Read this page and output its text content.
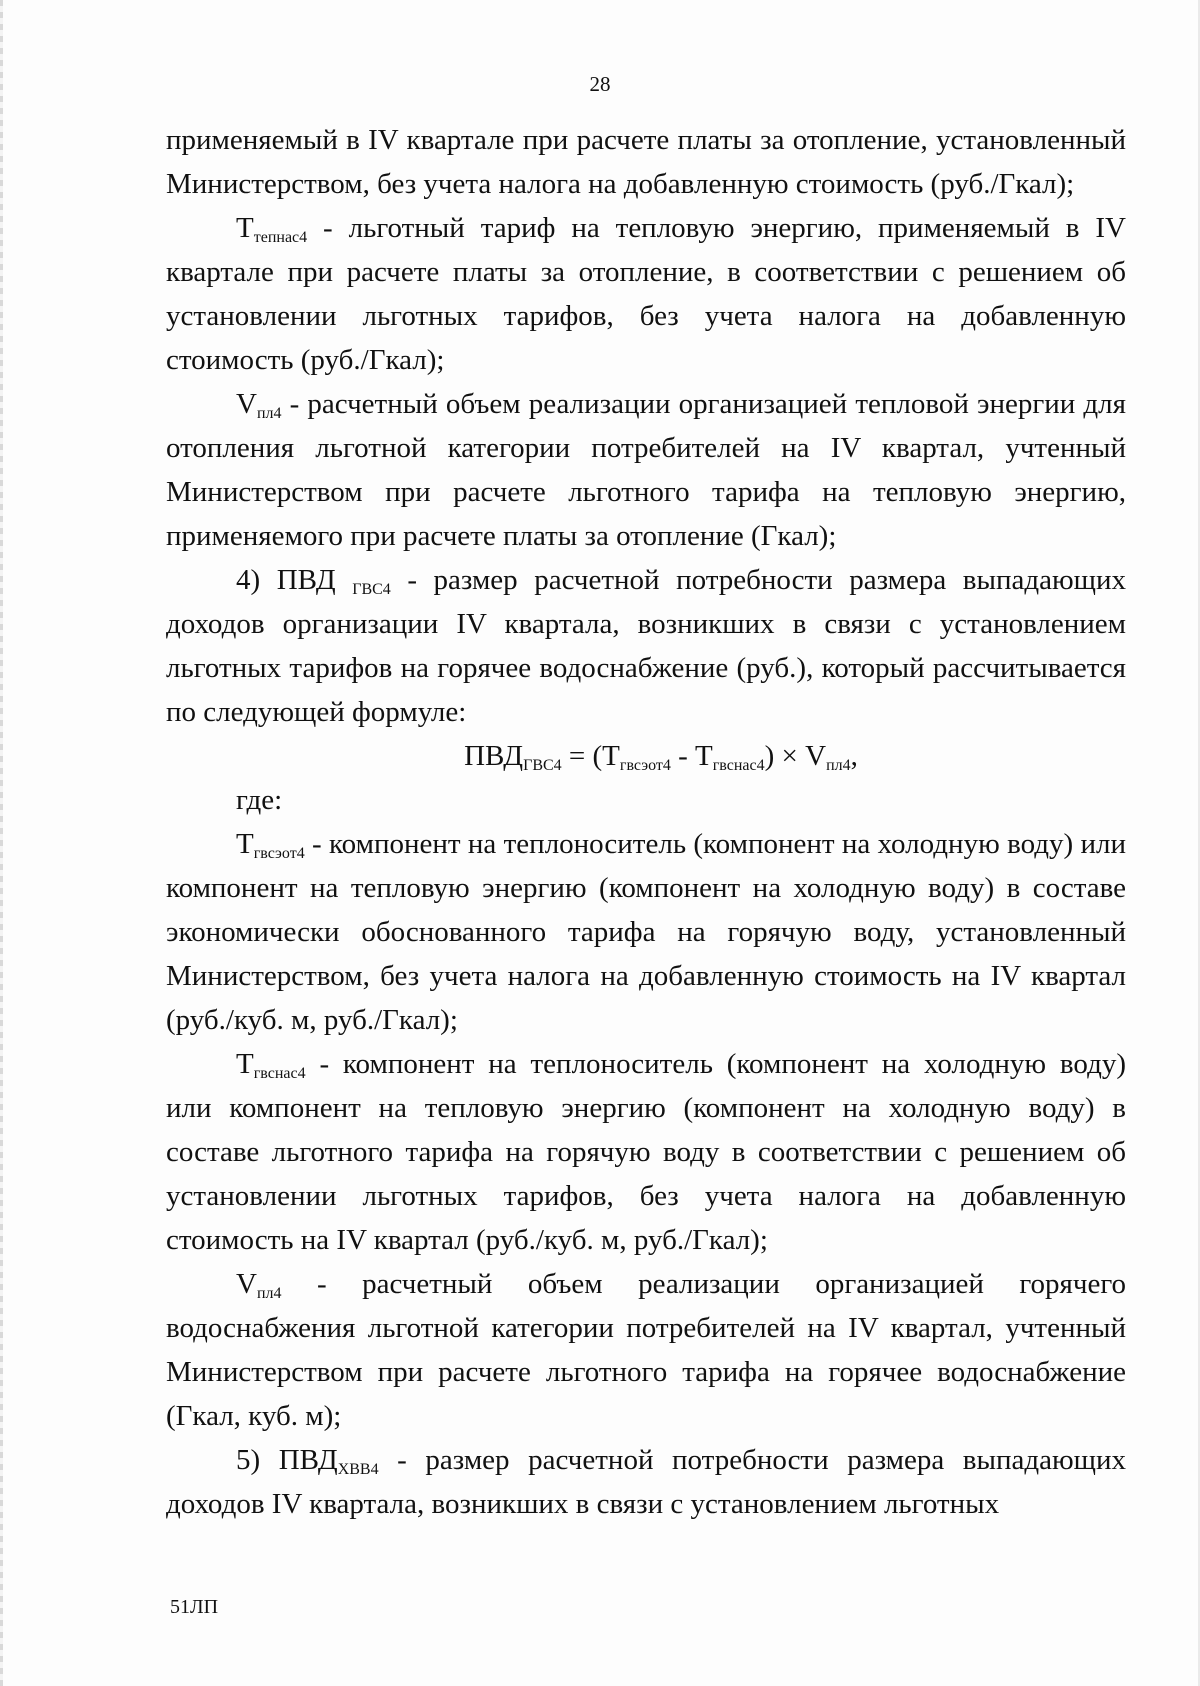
28

применяемый в IV квартале при расчете платы за отопление, установленный Министерством, без учета налога на добавленную стоимость (руб./Гкал);

$Т_{тепнас4}$ - льготный тариф на тепловую энергию, применяемый в IV квартале при расчете платы за отопление, в соответствии с решением об установлении льготных тарифов, без учета налога на добавленную стоимость (руб./Гкал);

$V_{пл4}$ - расчетный объем реализации организацией тепловой энергии для отопления льготной категории потребителей на IV квартал, учтенный Министерством при расчете льготного тарифа на тепловую энергию, применяемого при расчете платы за отопление (Гкал);

4) ПВД $_{ГВС4}$ - размер расчетной потребности размера выпадающих доходов организации IV квартала, возникших в связи с установлением льготных тарифов на горячее водоснабжение (руб.), который рассчитывается по следующей формуле:

$ПВД_{ГВС4} = (Т_{гвсэот4} - Т_{гвснас4}) \times V_{пл4}$,

где:

$Т_{гвсэот4}$ - компонент на теплоноситель (компонент на холодную воду) или компонент на тепловую энергию (компонент на холодную воду) в составе экономически обоснованного тарифа на горячую воду, установленный Министерством, без учета налога на добавленную стоимость на IV квартал (руб./куб. м, руб./Гкал);

$Т_{гвснас4}$ - компонент на теплоноситель (компонент на холодную воду) или компонент на тепловую энергию (компонент на холодную воду) в составе льготного тарифа на горячую воду в соответствии с решением об установлении льготных тарифов, без учета налога на добавленную стоимость на IV квартал (руб./куб. м, руб./Гкал);

$V_{пл4}$ - расчетный объем реализации организацией горячего водоснабжения льготной категории потребителей на IV квартал, учтенный Министерством при расчете льготного тарифа на горячее водоснабжение (Гкал, куб. м);

5) $ПВД_{ХВВ4}$ - размер расчетной потребности размера выпадающих доходов IV квартала, возникших в связи с установлением льготных

51ЛП
